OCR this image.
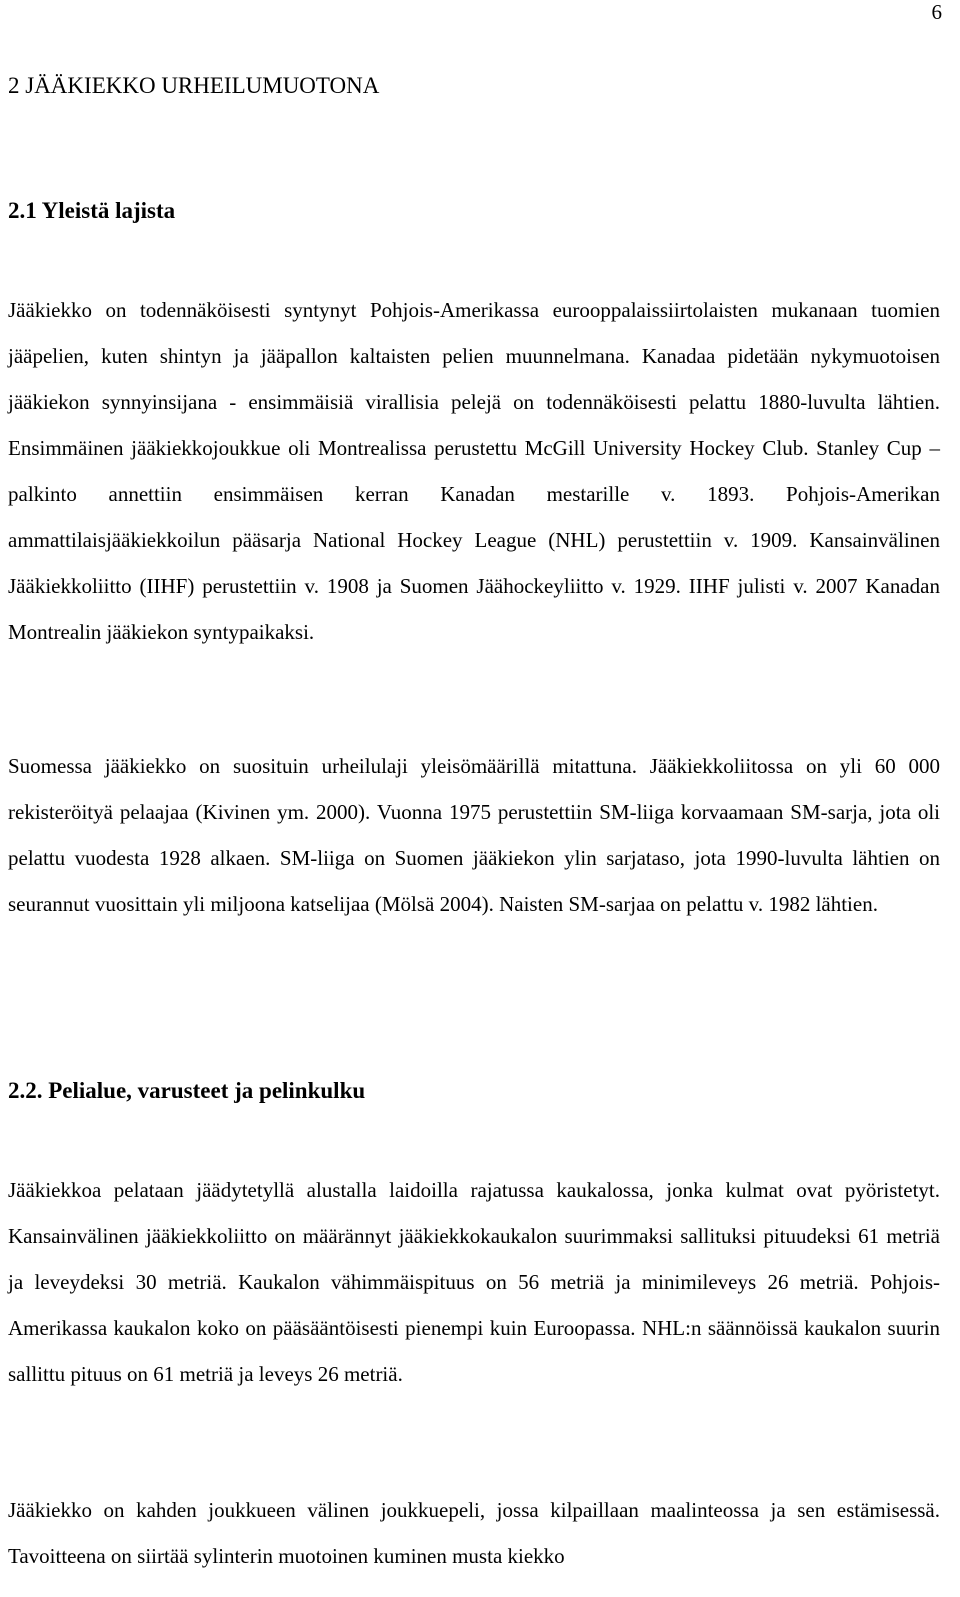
6
2 JÄÄKIEKKO URHEILUMUOTONA
2.1 Yleistä lajista

Jääkiekko on todennäköisesti syntynyt Pohjois-Amerikassa eurooppalaissiirtolaisten mukanaan tuomien jääpelien, kuten shintyn ja jääpallon kaltaisten pelien muunnelmana. Kanadaa pidetään nykymuotoisen jääkiekon synnyinsijana - ensimmäisiä virallisia pelejä on todennäköisesti pelattu 1880-luvulta lähtien. Ensimmäinen jääkiekkojoukkue oli Montrealissa perustettu McGill University Hockey Club. Stanley Cup –palkinto annettiin ensimmäisen kerran Kanadan mestarille v. 1893. Pohjois-Amerikan ammattilaisjääkiekkoilun pääsarja National Hockey League (NHL) perustettiin v. 1909. Kansainvälinen Jääkiekkoliitto (IIHF) perustettiin v. 1908 ja Suomen Jäähockeyliitto v. 1929. IIHF julisti v. 2007 Kanadan Montrealin jääkiekon syntypaikaksi.

Suomessa jääkiekko on suosituin urheilulaji yleisömäärillä mitattuna. Jääkiekkoliitossa on yli 60 000 rekisteröityä pelaajaa (Kivinen ym. 2000). Vuonna 1975 perustettiin SM-liiga korvaamaan SM-sarja, jota oli pelattu vuodesta 1928 alkaen. SM-liiga on Suomen jääkiekon ylin sarjataso, jota 1990-luvulta lähtien on seurannut vuosittain yli miljoona katselijaa (Mölsä 2004). Naisten SM-sarjaa on pelattu v. 1982 lähtien.

2.2. Pelialue, varusteet ja pelinkulku

Jääkiekkoa pelataan jäädytetyllä alustalla laidoilla rajatussa kaukalossa, jonka kulmat ovat pyöristetyt. Kansainvälinen jääkiekkoliitto on määrännyt jääkiekkokaukalon suurimmaksi sallituksi pituudeksi 61 metriä ja leveydeksi 30 metriä. Kaukalon vähimmäispituus on 56 metriä ja minimileveys 26 metriä. Pohjois-Amerikassa kaukalon koko on pääsääntöisesti pienempi kuin Euroopassa. NHL:n säännöissä kaukalon suurin sallittu pituus on 61 metriä ja leveys 26 metriä.

Jääkiekko on kahden joukkueen välinen joukkuepeli, jossa kilpaillaan maalinteossa ja sen estämisessä. Tavoitteena on siirtää sylinterin muotoinen kuminen musta kiekko
